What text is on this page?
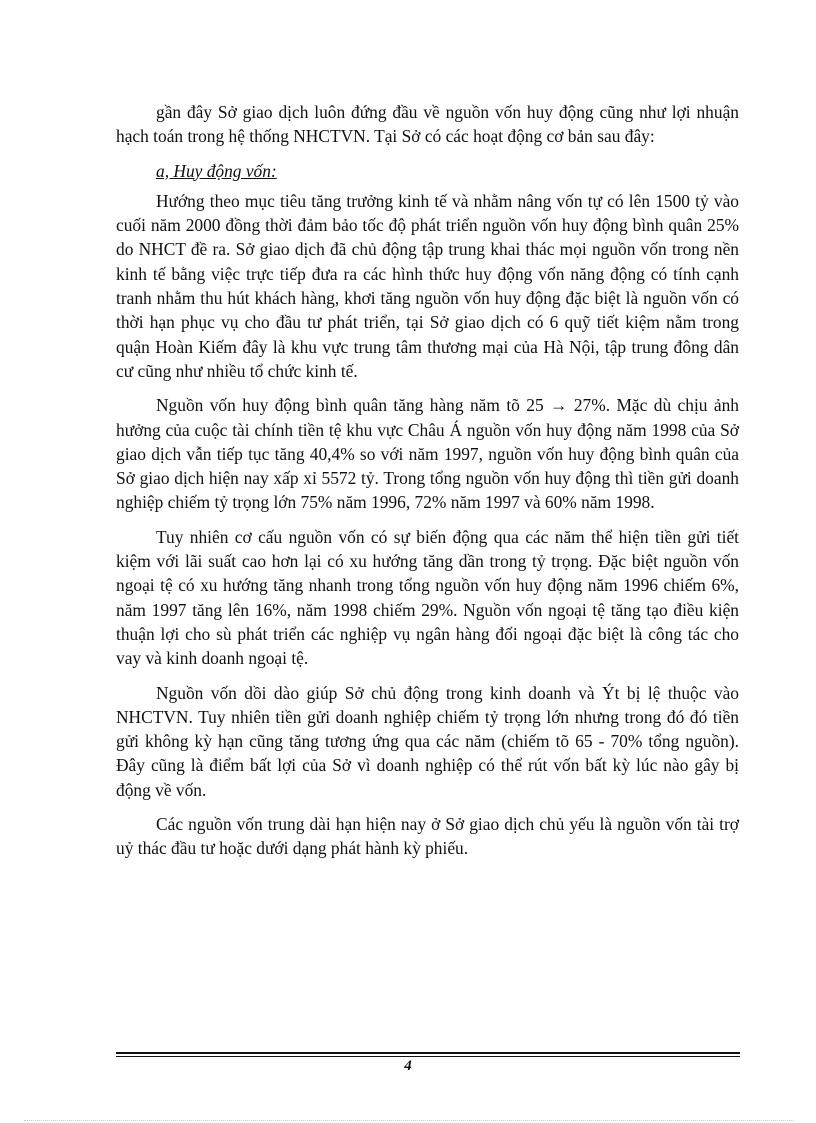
gần đây Sở giao dịch luôn đứng đầu về nguồn vốn huy động cũng như lợi nhuận hạch toán trong hệ thống NHCTVN. Tại Sở có các hoạt động cơ bản sau đây:

a, Huy động vốn:

Hướng theo mục tiêu tăng trưởng kinh tế và nhằm nâng vốn tự có lên 1500 tỷ vào cuối năm 2000 đồng thời đảm bảo tốc độ phát triển nguồn vốn huy động bình quân 25% do NHCT đề ra. Sở giao dịch đã chủ động tập trung khai thác mọi nguồn vốn trong nền kinh tế bằng việc trực tiếp đưa ra các hình thức huy động vốn năng động có tính cạnh tranh nhằm thu hút khách hàng, khơi tăng nguồn vốn huy động đặc biệt là nguồn vốn có thời hạn phục vụ cho đầu tư phát triển, tại Sở giao dịch có 6 quỹ tiết kiệm nằm trong quận Hoàn Kiếm đây là khu vực trung tâm thương mại của Hà Nội, tập trung đông dân cư cũng như nhiều tổ chức kinh tế.

Nguồn vốn huy động bình quân tăng hàng năm tõ 25 → 27%. Mặc dù chịu ảnh hưởng của cuộc tài chính tiền tệ khu vực Châu Á nguồn vốn huy động năm 1998 của Sở giao dịch vẫn tiếp tục tăng 40,4% so với năm 1997, nguồn vốn huy động bình quân của Sở giao dịch hiện nay xấp xỉ 5572 tỷ. Trong tổng nguồn vốn huy động thì tiền gửi doanh nghiệp chiếm tỷ trọng lớn 75% năm 1996, 72% năm 1997 và 60% năm 1998.

Tuy nhiên cơ cấu nguồn vốn có sự biến động qua các năm thể hiện tiền gửi tiết kiệm với lãi suất cao hơn lại có xu hướng tăng dần trong tỷ trọng. Đặc biệt nguồn vốn ngoại tệ có xu hướng tăng nhanh trong tổng nguồn vốn huy động năm 1996 chiếm 6%, năm 1997 tăng lên 16%, năm 1998 chiếm 29%. Nguồn vốn ngoại tệ tăng tạo điều kiện thuận lợi cho sù phát triển các nghiệp vụ ngân hàng đối ngoại đặc biệt là công tác cho vay và kinh doanh ngoại tệ.

Nguồn vốn dồi dào giúp Sở chủ động trong kinh doanh và Ýt bị lệ thuộc vào NHCTVN. Tuy nhiên tiền gửi doanh nghiệp chiếm tỷ trọng lớn nhưng trong đó đó tiền gửi không kỳ hạn cũng tăng tương ứng qua các năm (chiếm tõ 65 - 70% tổng nguồn). Đây cũng là điểm bất lợi của Sở vì doanh nghiệp có thể rút vốn bất kỳ lúc nào gây bị động về vốn.

Các nguồn vốn trung dài hạn hiện nay ở Sở giao dịch chủ yếu là nguồn vốn tài trợ uỷ thác đầu tư hoặc dưới dạng phát hành kỳ phiếu.

4
